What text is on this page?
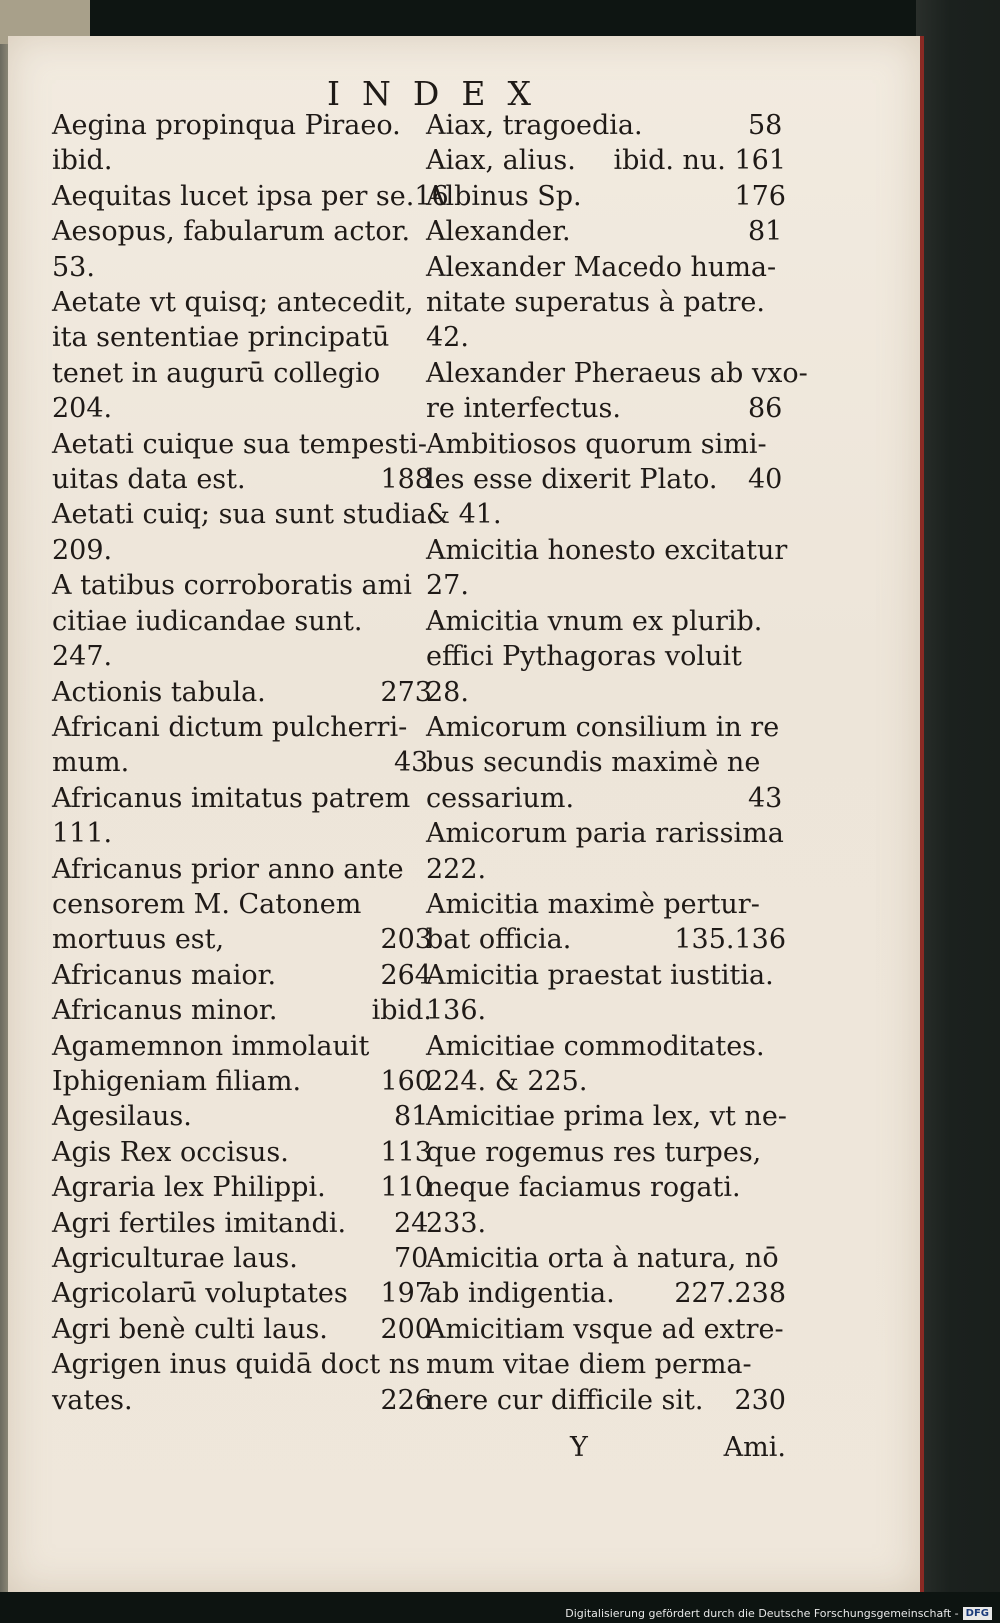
INDEX
Aegina propinqua Piraeo.
ibid.
Aequitas lucet ipsa per se.16
Aesopus, fabularum actor.
53.
Aetate vt quisq; antecedit,
ita sententiae principatū
tenet in augurū collegio
204.
Aetati cuique sua tempesti-
188
uitas data est.
Aetati cuiq; sua sunt studia.
209.
A tatibus corroboratis ami
citiae iudicandae sunt.
247.
273
Actionis tabula.
Africani dictum pulcherri-
43
mum.
Africanus imitatus patrem
111.
Africanus prior anno ante
censorem M. Catonem
203
mortuus est,
264
Africanus maior.
ibid.
Africanus minor.
Agamemnon immolauit
160
Iphigeniam filiam.
81
Agesilaus.
113
Agis Rex occisus.
110
Agraria lex Philippi.
24
Agri fertiles imitandi.
70
Agriculturae laus.
197
Agricolarū voluptates
200
Agri benè culti laus.
Agrigen inus quidā doct ns
226
vates.
58
Aiax, tragoedia.
ibid. nu. 161
Aiax, alius.
176
Albinus Sp.
81
Alexander.
Alexander Macedo huma-
nitate superatus à patre.
42.
Alexander Pheraeus ab vxo-
86
re interfectus.
Ambitiosos quorum simi-
40
les esse dixerit Plato.
& 41.
Amicitia honesto excitatur
27.
Amicitia vnum ex plurib.
effici Pythagoras voluit
28.
Amicorum consilium in re
bus secundis maximè ne
43
cessarium.
Amicorum paria rarissima
222.
Amicitia maximè pertur-
135.136
bat officia.
Amicitia praestat iustitia.
136.
Amicitiae commoditates.
224. & 225.
Amicitiae prima lex, vt ne-
que rogemus res turpes,
neque faciamus rogati.
233.
Amicitia orta à natura, nō
227.238
ab indigentia.
Amicitiam vsque ad extre-
mum vitae diem perma-
230
nere cur difficile sit.
Y	Ami.
Digitalisierung gefördert durch die Deutsche Forschungsgemeinschaft - DFG
